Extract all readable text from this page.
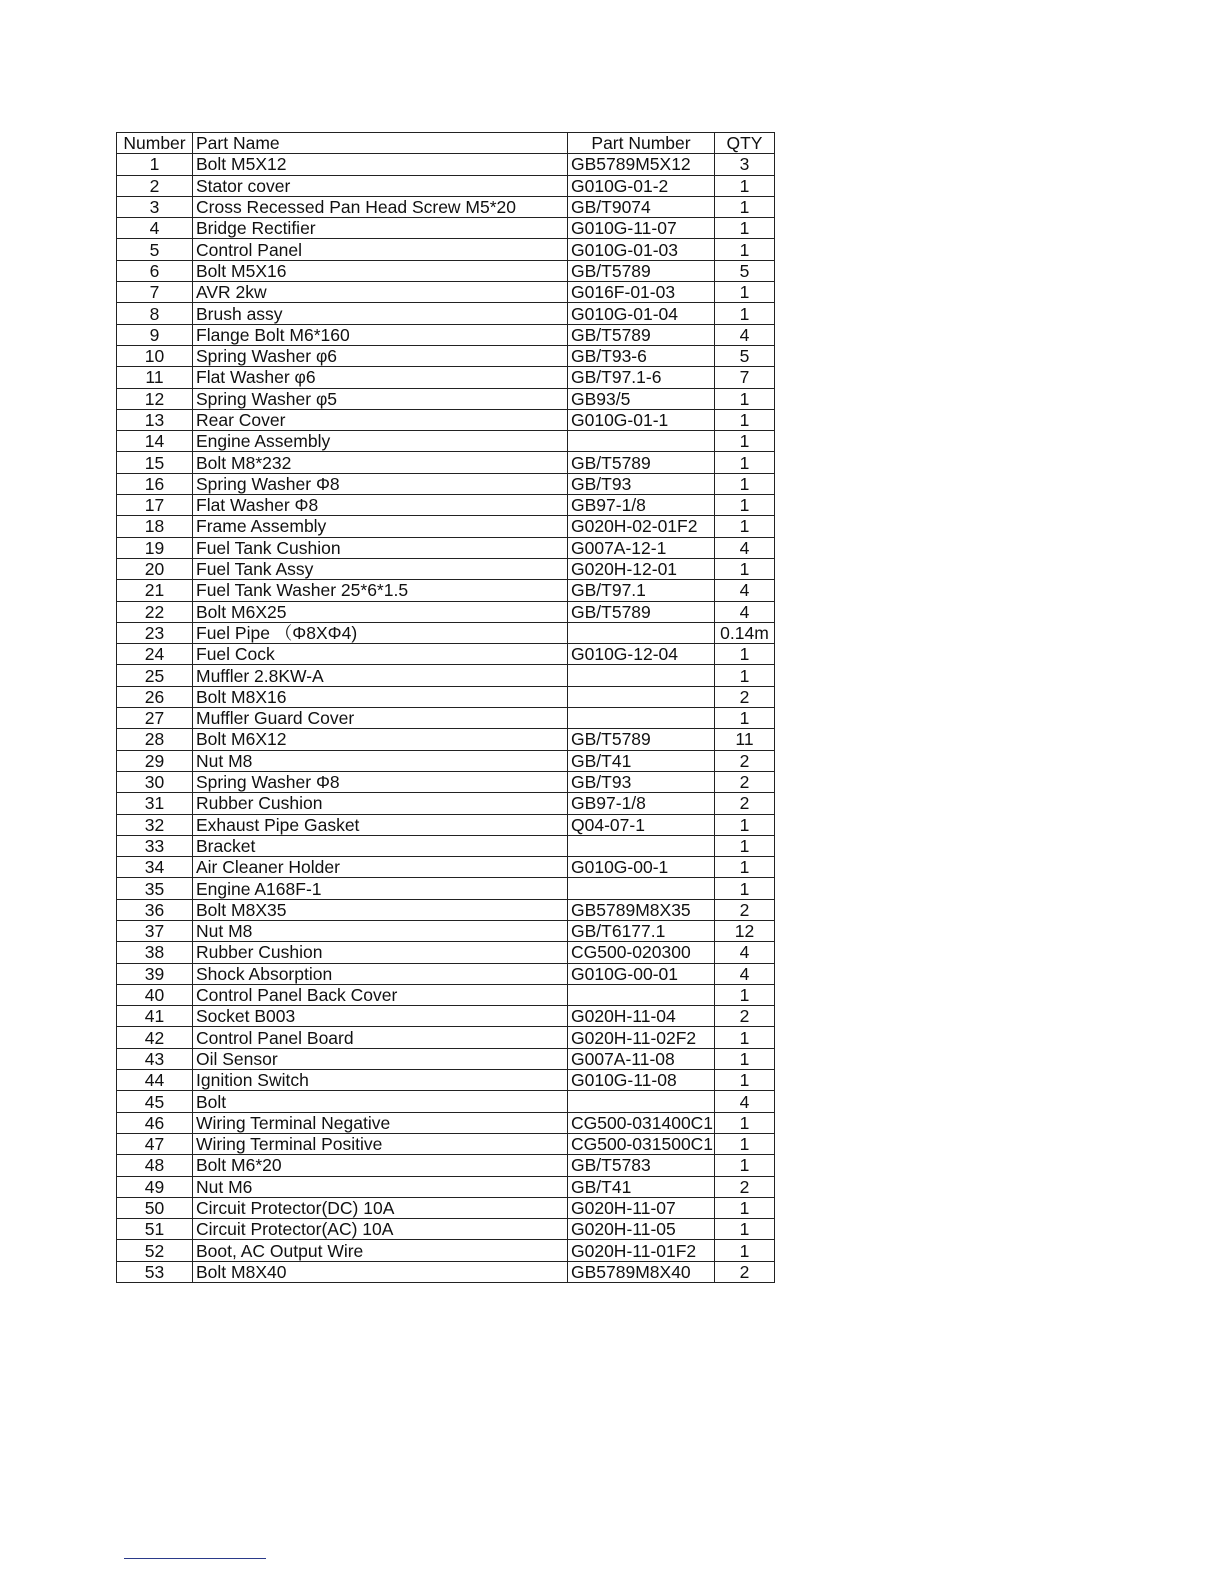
Number	Part Name	Part Number	QTY
1	Bolt M5X12	GB5789M5X12	3
2	Stator cover	G010G-01-2	1
3	Cross Recessed Pan Head Screw M5*20	GB/T9074	1
4	Bridge Rectifier	G010G-11-07	1
5	Control Panel	G010G-01-03	1
6	Bolt M5X16	GB/T5789	5
7	AVR 2kw	G016F-01-03	1
8	Brush assy	G010G-01-04	1
9	Flange Bolt M6*160	GB/T5789	4
10	Spring Washer φ6	GB/T93-6	5
11	Flat Washer φ6	GB/T97.1-6	7
12	Spring Washer φ5	GB93/5	1
13	Rear Cover	G010G-01-1	1
14	Engine Assembly		1
15	Bolt M8*232	GB/T5789	1
16	Spring Washer Φ8	GB/T93	1
17	Flat Washer Φ8	GB97-1/8	1
18	Frame Assembly	G020H-02-01F2	1
19	Fuel Tank Cushion	G007A-12-1	4
20	Fuel Tank Assy	G020H-12-01	1
21	Fuel Tank Washer 25*6*1.5	GB/T97.1	4
22	Bolt M6X25	GB/T5789	4
23	Fuel Pipe （Φ8XΦ4)		0.14m
24	Fuel Cock	G010G-12-04	1
25	Muffler 2.8KW-A		1
26	Bolt M8X16		2
27	Muffler Guard Cover		1
28	Bolt M6X12	GB/T5789	11
29	Nut M8	GB/T41	2
30	Spring Washer Φ8	GB/T93	2
31	Rubber Cushion	GB97-1/8	2
32	Exhaust Pipe Gasket	Q04-07-1	1
33	Bracket		1
34	Air Cleaner Holder	G010G-00-1	1
35	Engine A168F-1		1
36	Bolt M8X35	GB5789M8X35	2
37	Nut M8	GB/T6177.1	12
38	Rubber Cushion	CG500-020300	4
39	Shock Absorption	G010G-00-01	4
40	Control Panel Back Cover		1
41	Socket B003	G020H-11-04	2
42	Control Panel Board	G020H-11-02F2	1
43	Oil Sensor	G007A-11-08	1
44	Ignition Switch	G010G-11-08	1
45	Bolt		4
46	Wiring Terminal Negative	CG500-031400C1	1
47	Wiring Terminal Positive	CG500-031500C1	1
48	Bolt M6*20	GB/T5783	1
49	Nut M6	GB/T41	2
50	Circuit Protector(DC) 10A	G020H-11-07	1
51	Circuit Protector(AC) 10A	G020H-11-05	1
52	Boot, AC Output Wire	G020H-11-01F2	1
53	Bolt M8X40	GB5789M8X40	2
